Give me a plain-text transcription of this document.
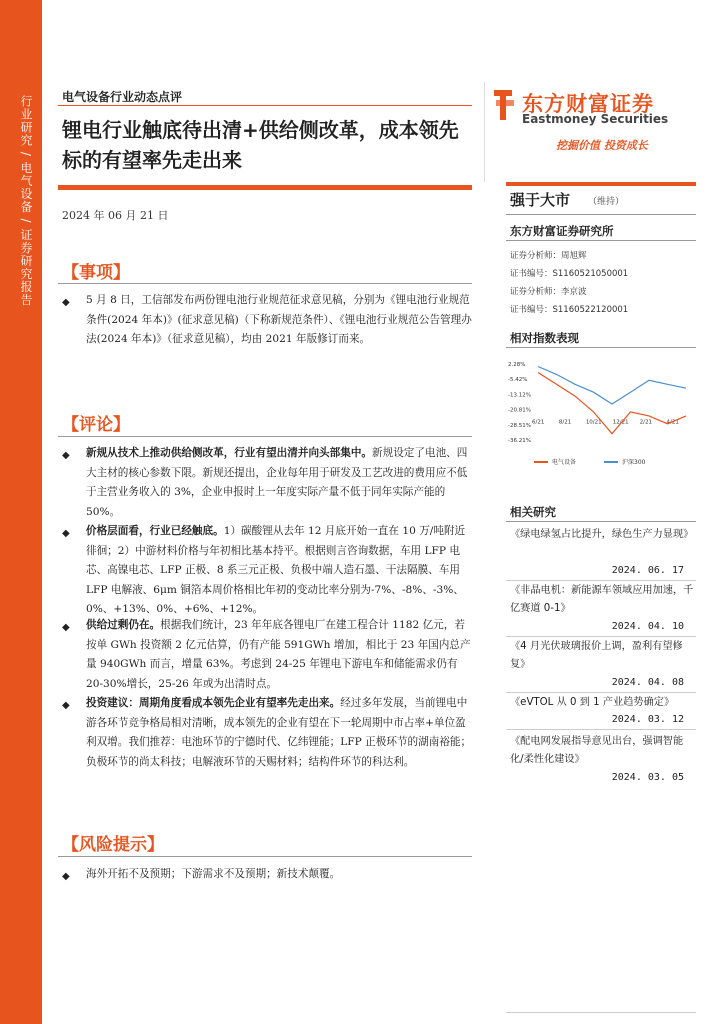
行业研究 / 电气设备 / 证券研究报告 电气设备行业动态点评
锂电行业触底待出清+供给侧改革，成本领先标的有望率先走出来
2024 年 06 月 21 日
【事项】
◆ 5 月 8 日，工信部发布两份锂电池行业规范征求意见稿，分别为《锂电池行业规范条件(2024 年本)》(征求意见稿)（下称新规范条件）、《锂电池行业规范公告管理办法(2024 年本)》（征求意见稿），均由 2021 年版修订而来。
【评论】
◆ 新规从技术上推动供给侧改革，行业有望出清并向头部集中。新规设定了电池、四大主材的核心参数下限。新规还提出，企业每年用于研发及工艺改进的费用应不低于主营业务收入的 3%，企业申报时上一年度实际产量不低于同年实际产能的 50%。
◆ 价格层面看，行业已经触底。1）碳酸锂从去年 12 月底开始一直在 10 万/吨附近徘徊；2）中游材料价格与年初相比基本持平。根据则言咨询数据，车用 LFP 电芯、高镍电芯、LFP 正极、8 系三元正极、负极中端人造石墨、干法隔膜、车用 LFP 电解液、6μm 铜箔本周价格相比年初的变动比率分别为-7%、-8%、-3%、0%、+13%、0%、+6%、+12%。
◆ 供给过剩仍在。根据我们统计，23 年年底各锂电厂在建工程合计 1182 亿元，若按单 GWh 投资额 2 亿元估算，仍有产能 591GWh 增加，相比于 23 年国内总产量 940GWh 而言，增量 63%。考虑到 24-25 年锂电下游电车和储能需求仍有 20-30%增长，25-26 年或为出清时点。
◆ 投资建议：周期角度看成本领先企业有望率先走出来。经过多年发展，当前锂电中游各环节竞争格局相对清晰，成本领先的企业有望在下一轮周期中市占率+单位盈利双增。我们推荐：电池环节的宁德时代、亿纬锂能；LFP 正极环节的湖南裕能；负极环节的尚太科技；电解液环节的天赐材料；结构件环节的科达利。
【风险提示】
◆ 海外开拓不及预期；下游需求不及预期；新技术颠覆。
东方财富证券
Eastmoney Securities
挖掘价值 投资成长
强于大市 （维持）
东方财富证券研究所
证券分析师：周旭辉
证书编号：S1160521050001
证券分析师：李京波
证书编号：S1160522120001
相对指数表现
2.28%
-5.42%
-13.12%
-20.81%
-28.51%
-36.21%
6/21	8/21	10/21 12/21 2/21	4/21
电气设备	沪深300
相关研究
《绿电绿氢占比提升，绿色生产力显现》
2024. 06. 17
《非晶电机：新能源车领域应用加速，千亿赛道 0-1》
2024. 04. 10
《4 月光伏玻璃报价上调，盈利有望修复》
2024. 04. 08
《eVTOL 从 0 到 1 产业趋势确定》
2024. 03. 12
《配电网发展指导意见出台，强调智能化/柔性化建设》
2024. 03. 05
